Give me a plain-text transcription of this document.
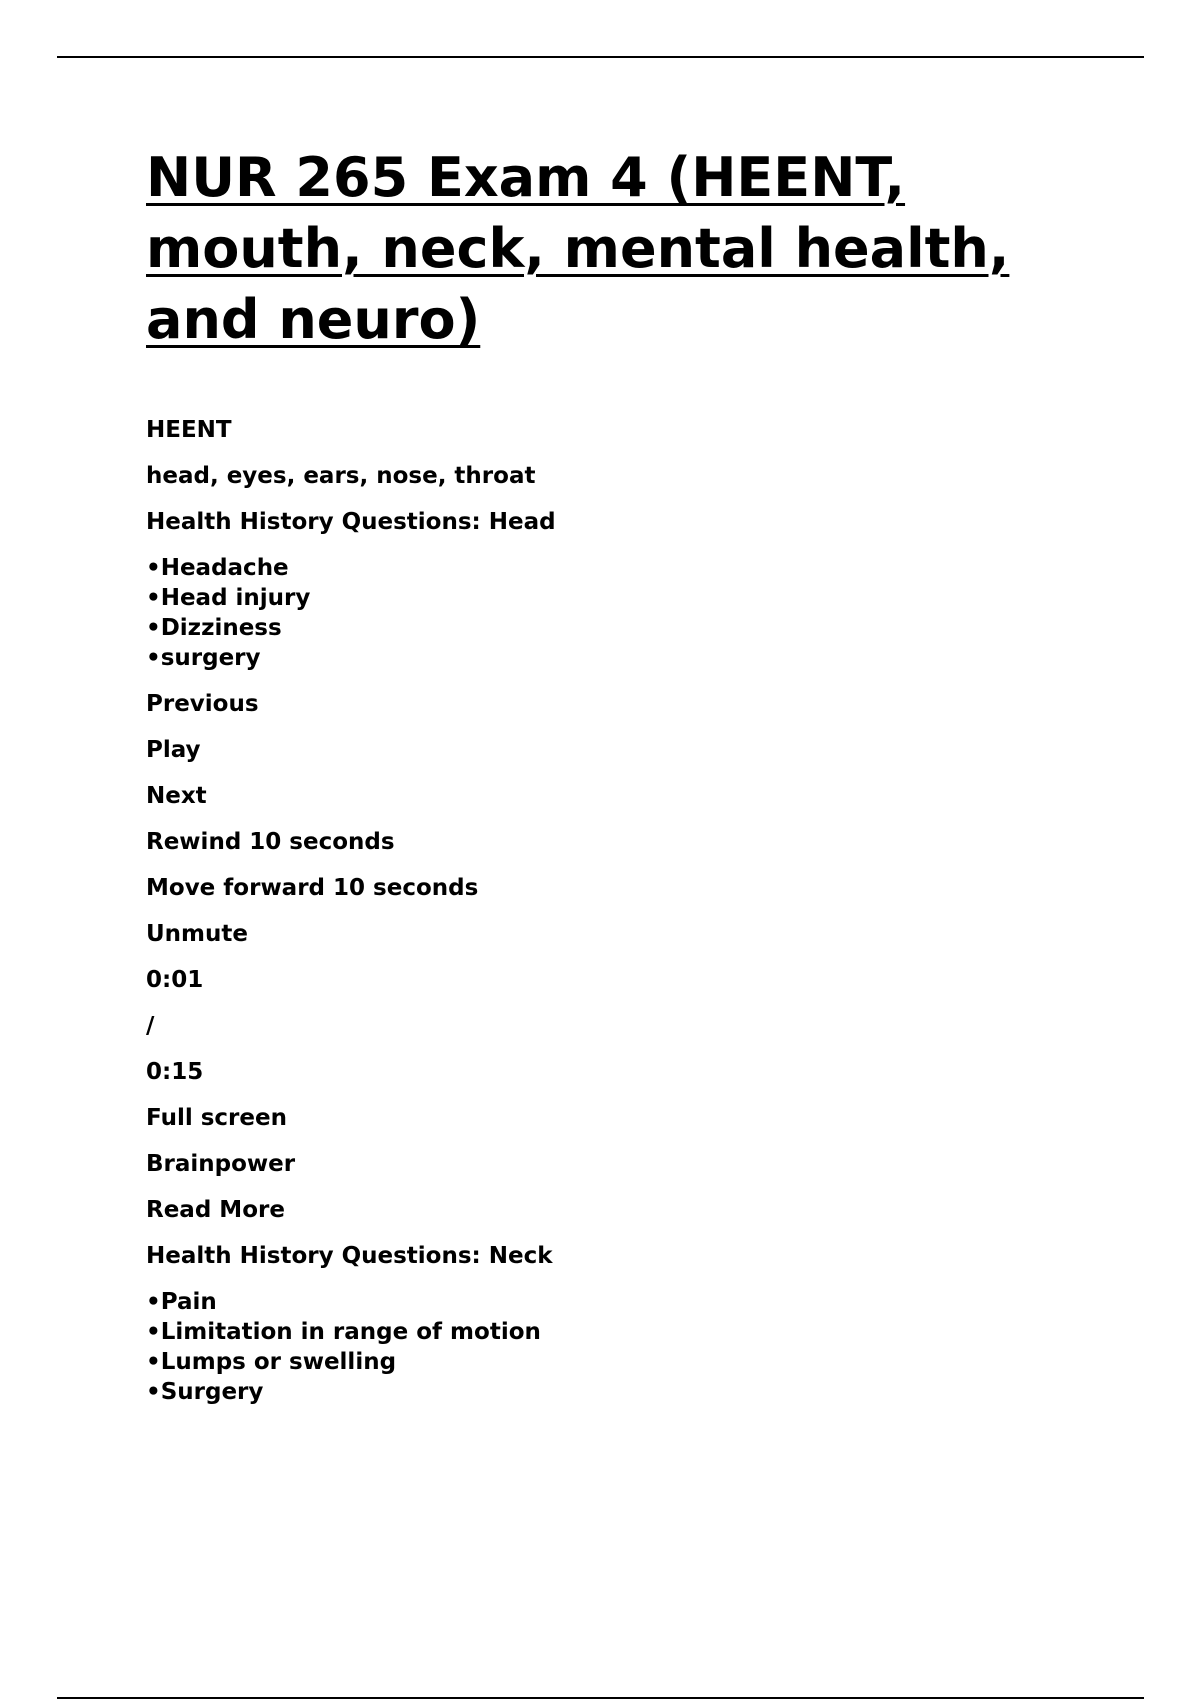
NUR 265 Exam 4 (HEENT,
mouth, neck, mental health,
and neuro)
HEENT
head, eyes, ears, nose, throat
Health History Questions: Head
•Headache
•Head injury
•Dizziness
•surgery
Previous
Play
Next
Rewind 10 seconds
Move forward 10 seconds
Unmute
0:01
/
0:15
Full screen
Brainpower
Read More
Health History Questions: Neck
•Pain
•Limitation in range of motion
•Lumps or swelling
•Surgery
